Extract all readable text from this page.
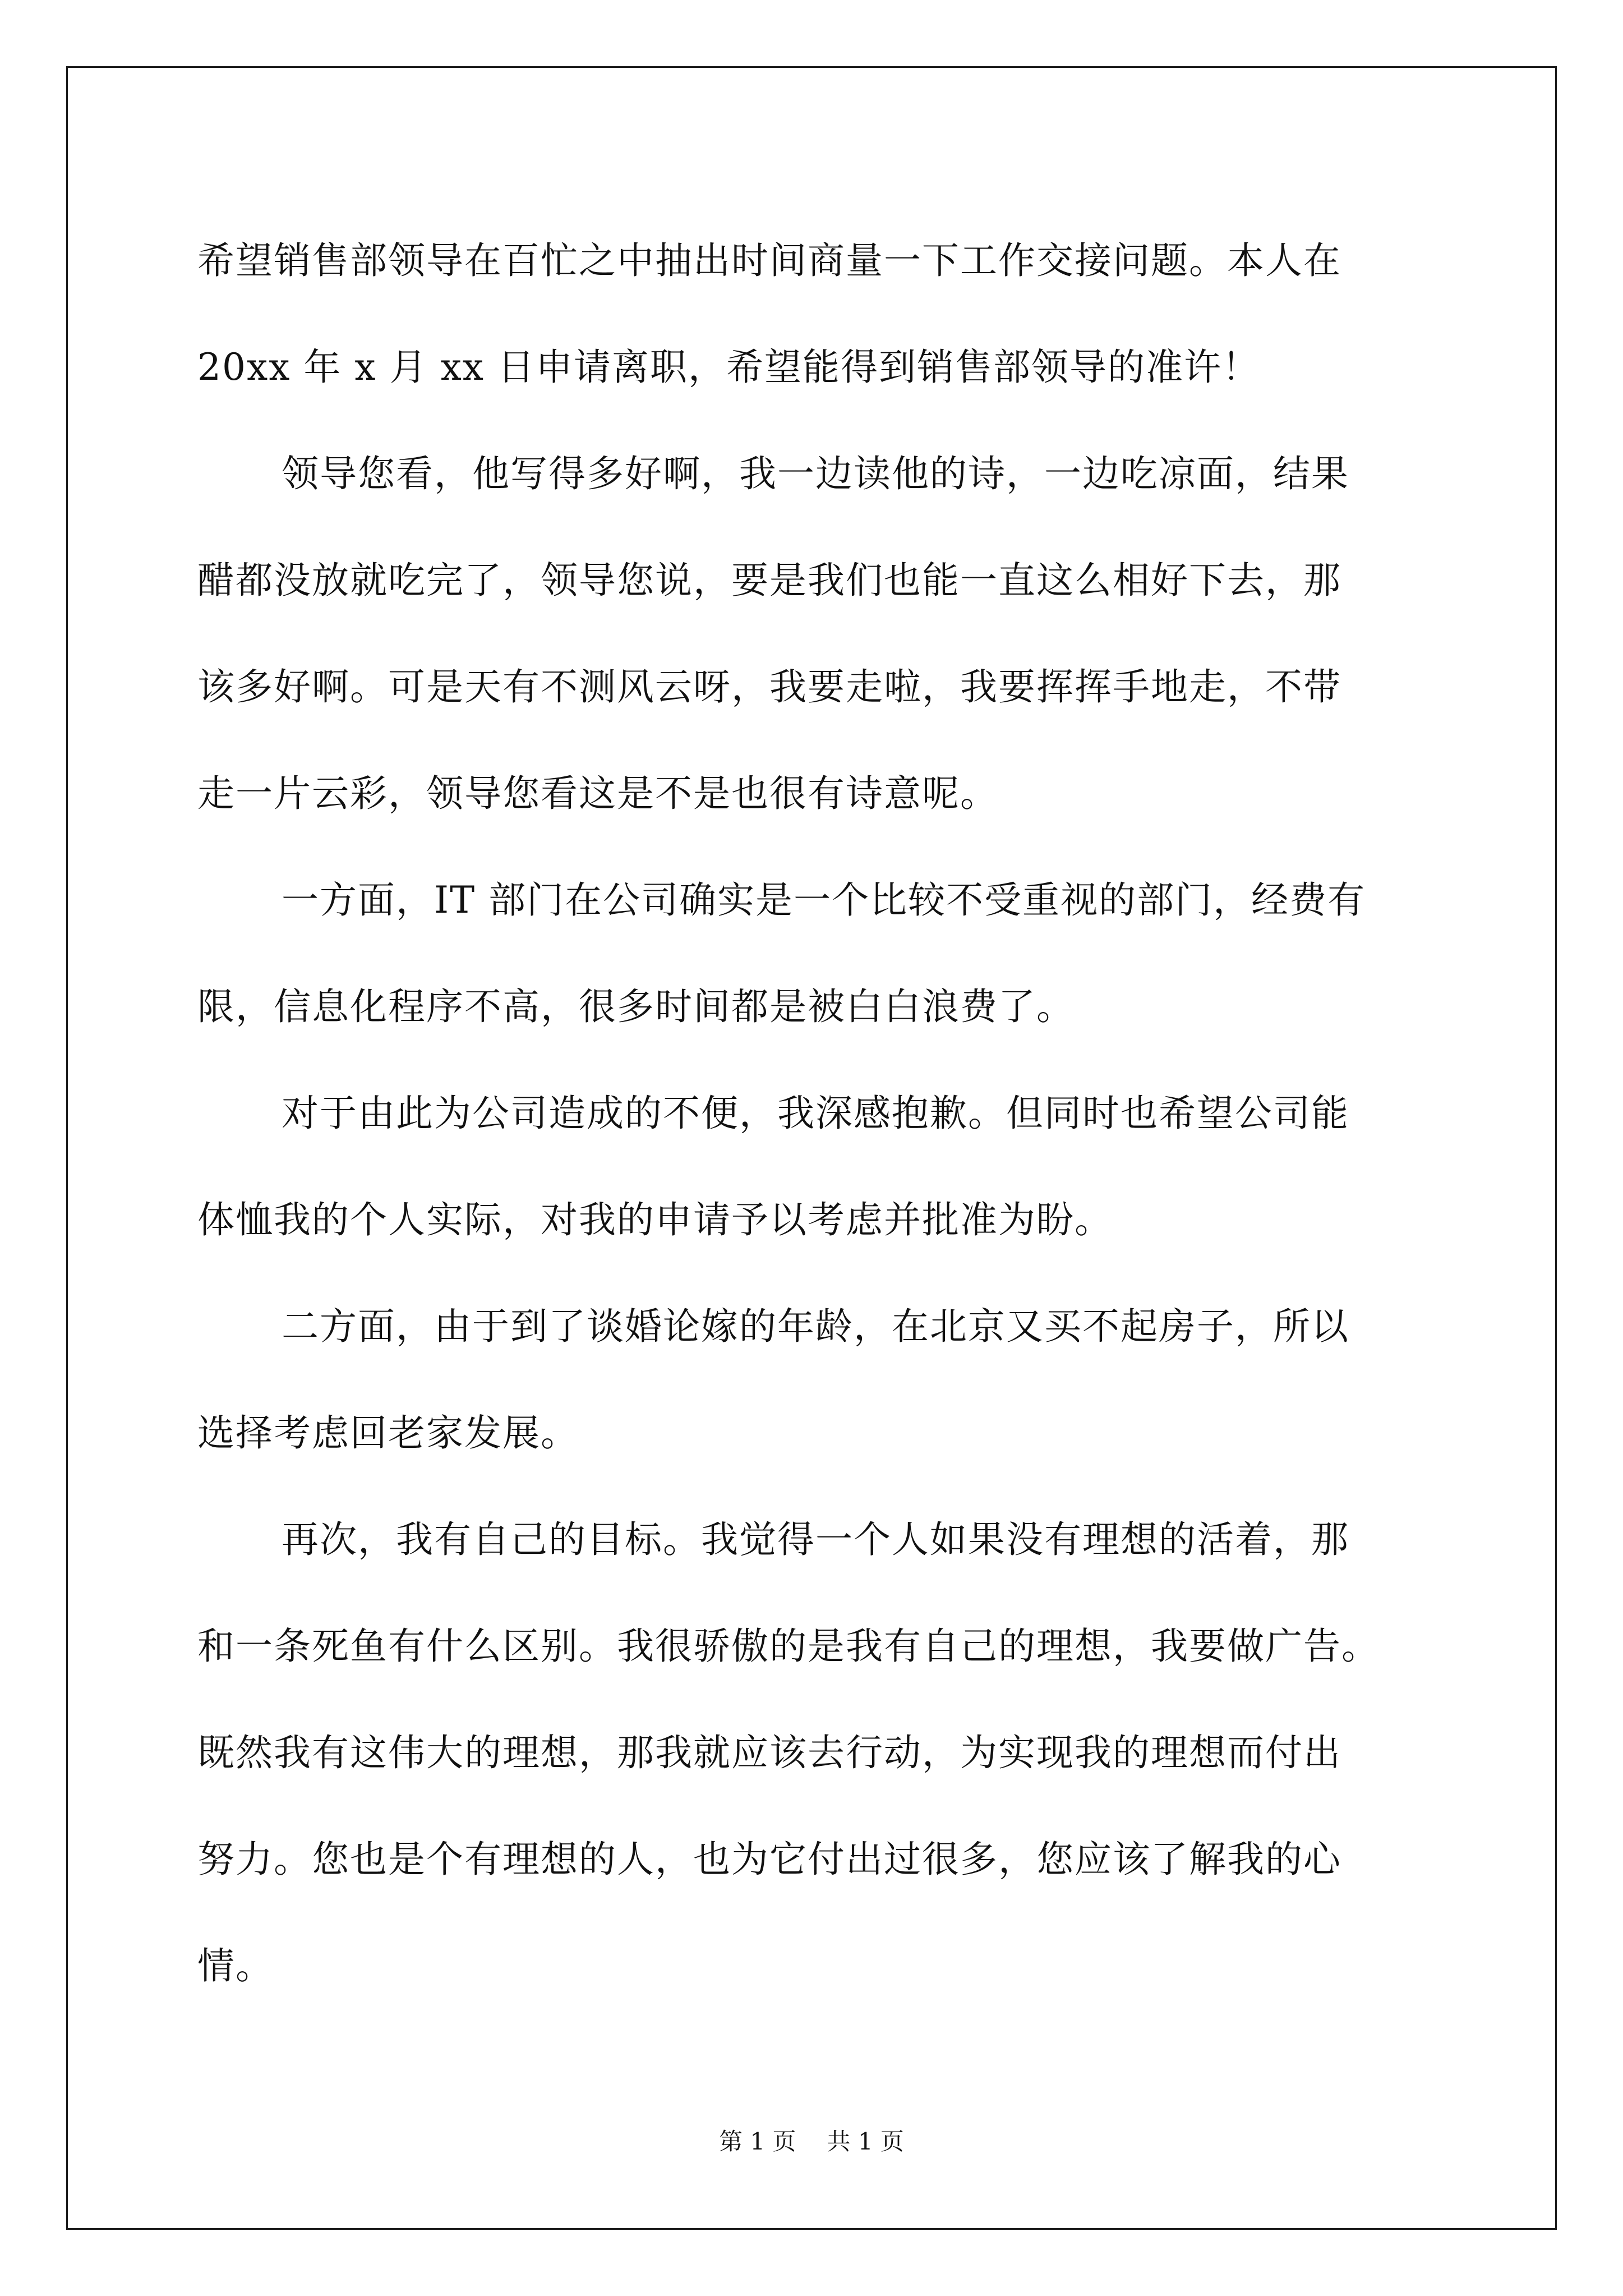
希望销售部领导在百忙之中抽出时间商量一下工作交接问题。本人在
20xx 年 x 月 xx 日申请离职，希望能得到销售部领导的准许！
领导您看，他写得多好啊，我一边读他的诗，一边吃凉面，结果
醋都没放就吃完了，领导您说，要是我们也能一直这么相好下去，那
该多好啊。可是天有不测风云呀，我要走啦，我要挥挥手地走，不带
走一片云彩，领导您看这是不是也很有诗意呢。
一方面，IT 部门在公司确实是一个比较不受重视的部门，经费有
限，信息化程序不高，很多时间都是被白白浪费了。
对于由此为公司造成的不便，我深感抱歉。但同时也希望公司能
体恤我的个人实际，对我的申请予以考虑并批准为盼。
二方面，由于到了谈婚论嫁的年龄，在北京又买不起房子，所以
选择考虑回老家发展。
再次，我有自己的目标。我觉得一个人如果没有理想的活着，那
和一条死鱼有什么区别。我很骄傲的是我有自己的理想，我要做广告。
既然我有这伟大的理想，那我就应该去行动，为实现我的理想而付出
努力。您也是个有理想的人，也为它付出过很多，您应该了解我的心
情。
第 1 页 共 1 页
